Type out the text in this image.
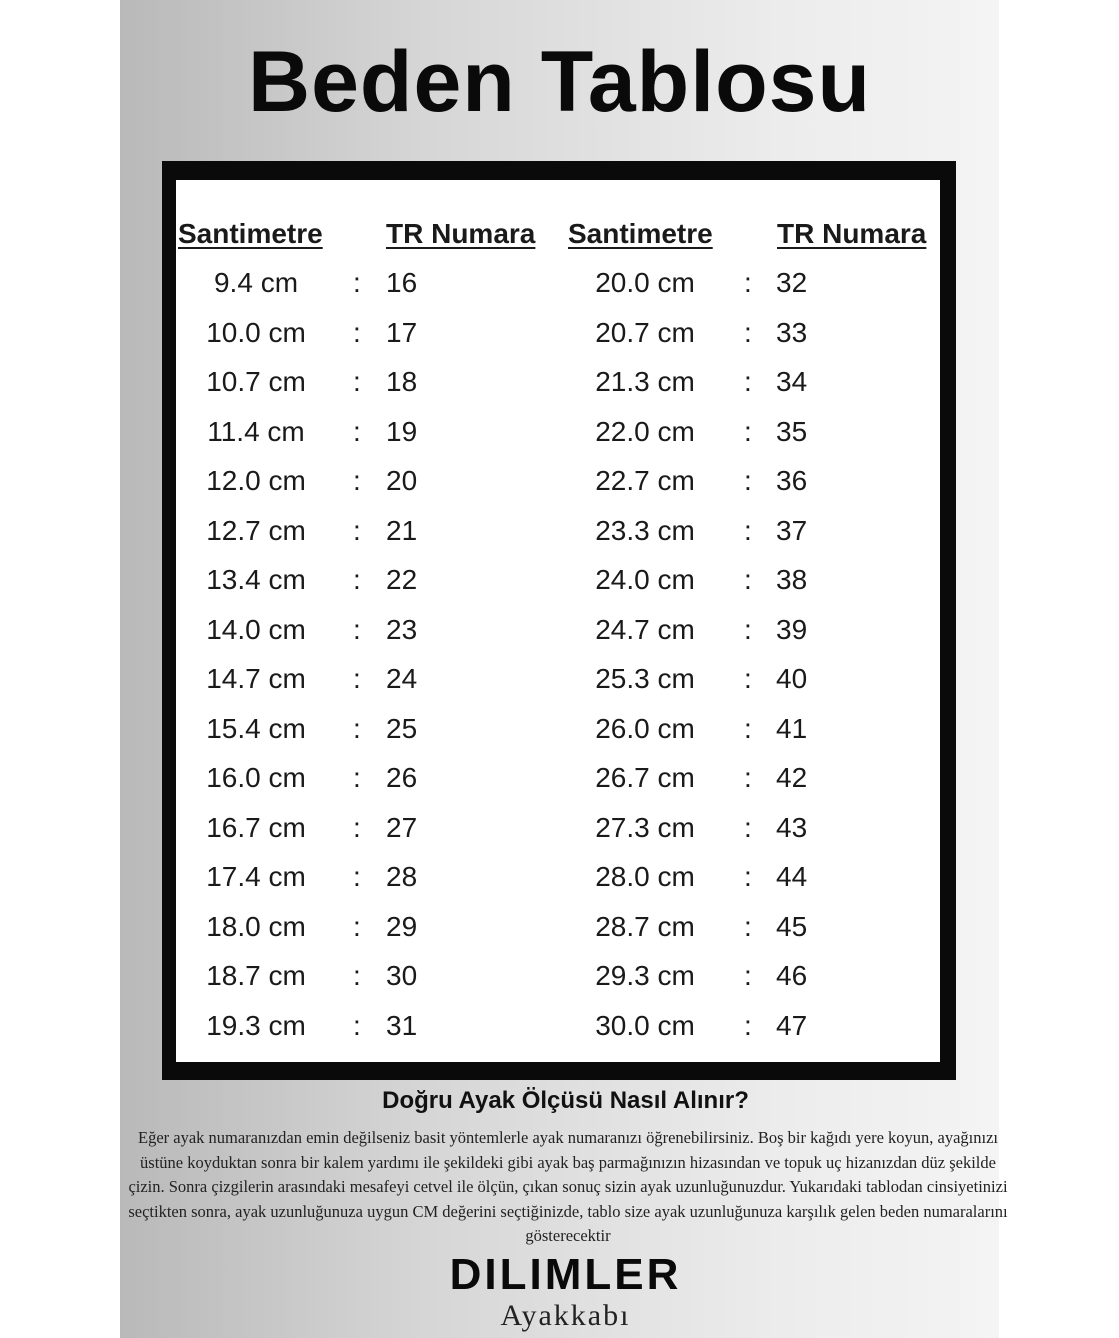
Beden Tablosu
Santimetre TR Numara Santimetre TR Numara
9.4 cm	: 16	20.0 cm	: 32
10.0 cm	: 17	20.7 cm	: 33
10.7 cm	: 18	21.3 cm	: 34
11.4 cm	: 19	22.0 cm	: 35
12.0 cm	: 20	22.7 cm	: 36
12.7 cm	: 21	23.3 cm	: 37
13.4 cm	: 22	24.0 cm	: 38
14.0 cm	: 23	24.7 cm	: 39
14.7 cm	: 24	25.3 cm	: 40
15.4 cm	: 25	26.0 cm	: 41
16.0 cm	: 26	26.7 cm	: 42
16.7 cm	: 27	27.3 cm	: 43
17.4 cm	: 28	28.0 cm	: 44
18.0 cm	: 29	28.7 cm	: 45
18.7 cm	: 30	29.3 cm	: 46
19.3 cm	: 31	30.0 cm	: 47
Doğru Ayak Ölçüsü Nasıl Alınır?
Eğer ayak numaranızdan emin değilseniz basit yöntemlerle ayak numaranızı öğrenebilirsiniz. Boş bir kağıdı yere koyun, ayağınızı üstüne koyduktan sonra bir kalem yardımı ile şekildeki gibi ayak baş parmağınızın hizasından ve topuk uç hizanızdan düz şekilde çizin. Sonra çizgilerin arasındaki mesafeyi cetvel ile ölçün, çıkan sonuç sizin ayak uzunluğunuzdur. Yukarıdaki tablodan cinsiyetinizi seçtikten sonra, ayak uzunluğunuza uygun CM değerini seçtiğinizde, tablo size ayak uzunluğunuza karşılık gelen beden numaralarını gösterecektir
DILIMLER
Ayakkabı
